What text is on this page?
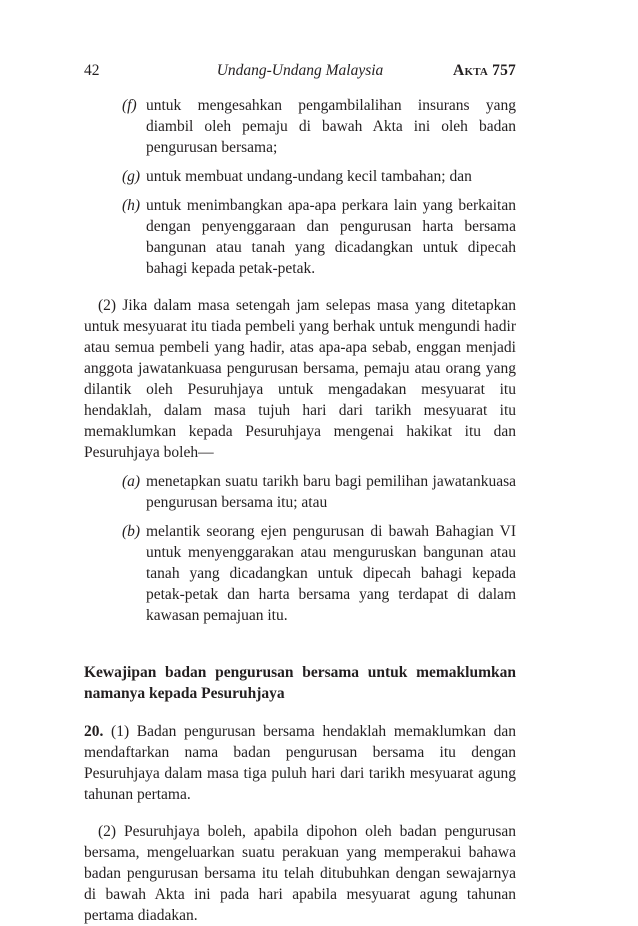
42	Undang-Undang Malaysia	Akta 757
(f) untuk mengesahkan pengambilalihan insurans yang diambil oleh pemaju di bawah Akta ini oleh badan pengurusan bersama;
(g) untuk membuat undang-undang kecil tambahan; dan
(h) untuk menimbangkan apa-apa perkara lain yang berkaitan dengan penyenggaraan dan pengurusan harta bersama bangunan atau tanah yang dicadangkan untuk dipecah bahagi kepada petak-petak.

(2) Jika dalam masa setengah jam selepas masa yang ditetapkan untuk mesyuarat itu tiada pembeli yang berhak untuk mengundi hadir atau semua pembeli yang hadir, atas apa-apa sebab, enggan menjadi anggota jawatankuasa pengurusan bersama, pemaju atau orang yang dilantik oleh Pesuruhjaya untuk mengadakan mesyuarat itu hendaklah, dalam masa tujuh hari dari tarikh mesyuarat itu memaklumkan kepada Pesuruhjaya mengenai hakikat itu dan Pesuruhjaya boleh—

(a) menetapkan suatu tarikh baru bagi pemilihan jawatankuasa pengurusan bersama itu; atau
(b) melantik seorang ejen pengurusan di bawah Bahagian VI untuk menyenggarakan atau menguruskan bangunan atau tanah yang dicadangkan untuk dipecah bahagi kepada petak-petak dan harta bersama yang terdapat di dalam kawasan pemajuan itu.

Kewajipan badan pengurusan bersama untuk memaklumkan namanya kepada Pesuruhjaya

20. (1) Badan pengurusan bersama hendaklah memaklumkan dan mendaftarkan nama badan pengurusan bersama itu dengan Pesuruhjaya dalam masa tiga puluh hari dari tarikh mesyuarat agung tahunan pertama.

(2) Pesuruhjaya boleh, apabila dipohon oleh badan pengurusan bersama, mengeluarkan suatu perakuan yang memperakui bahawa badan pengurusan bersama itu telah ditubuhkan dengan sewajarnya di bawah Akta ini pada hari apabila mesyuarat agung tahunan pertama diadakan.
